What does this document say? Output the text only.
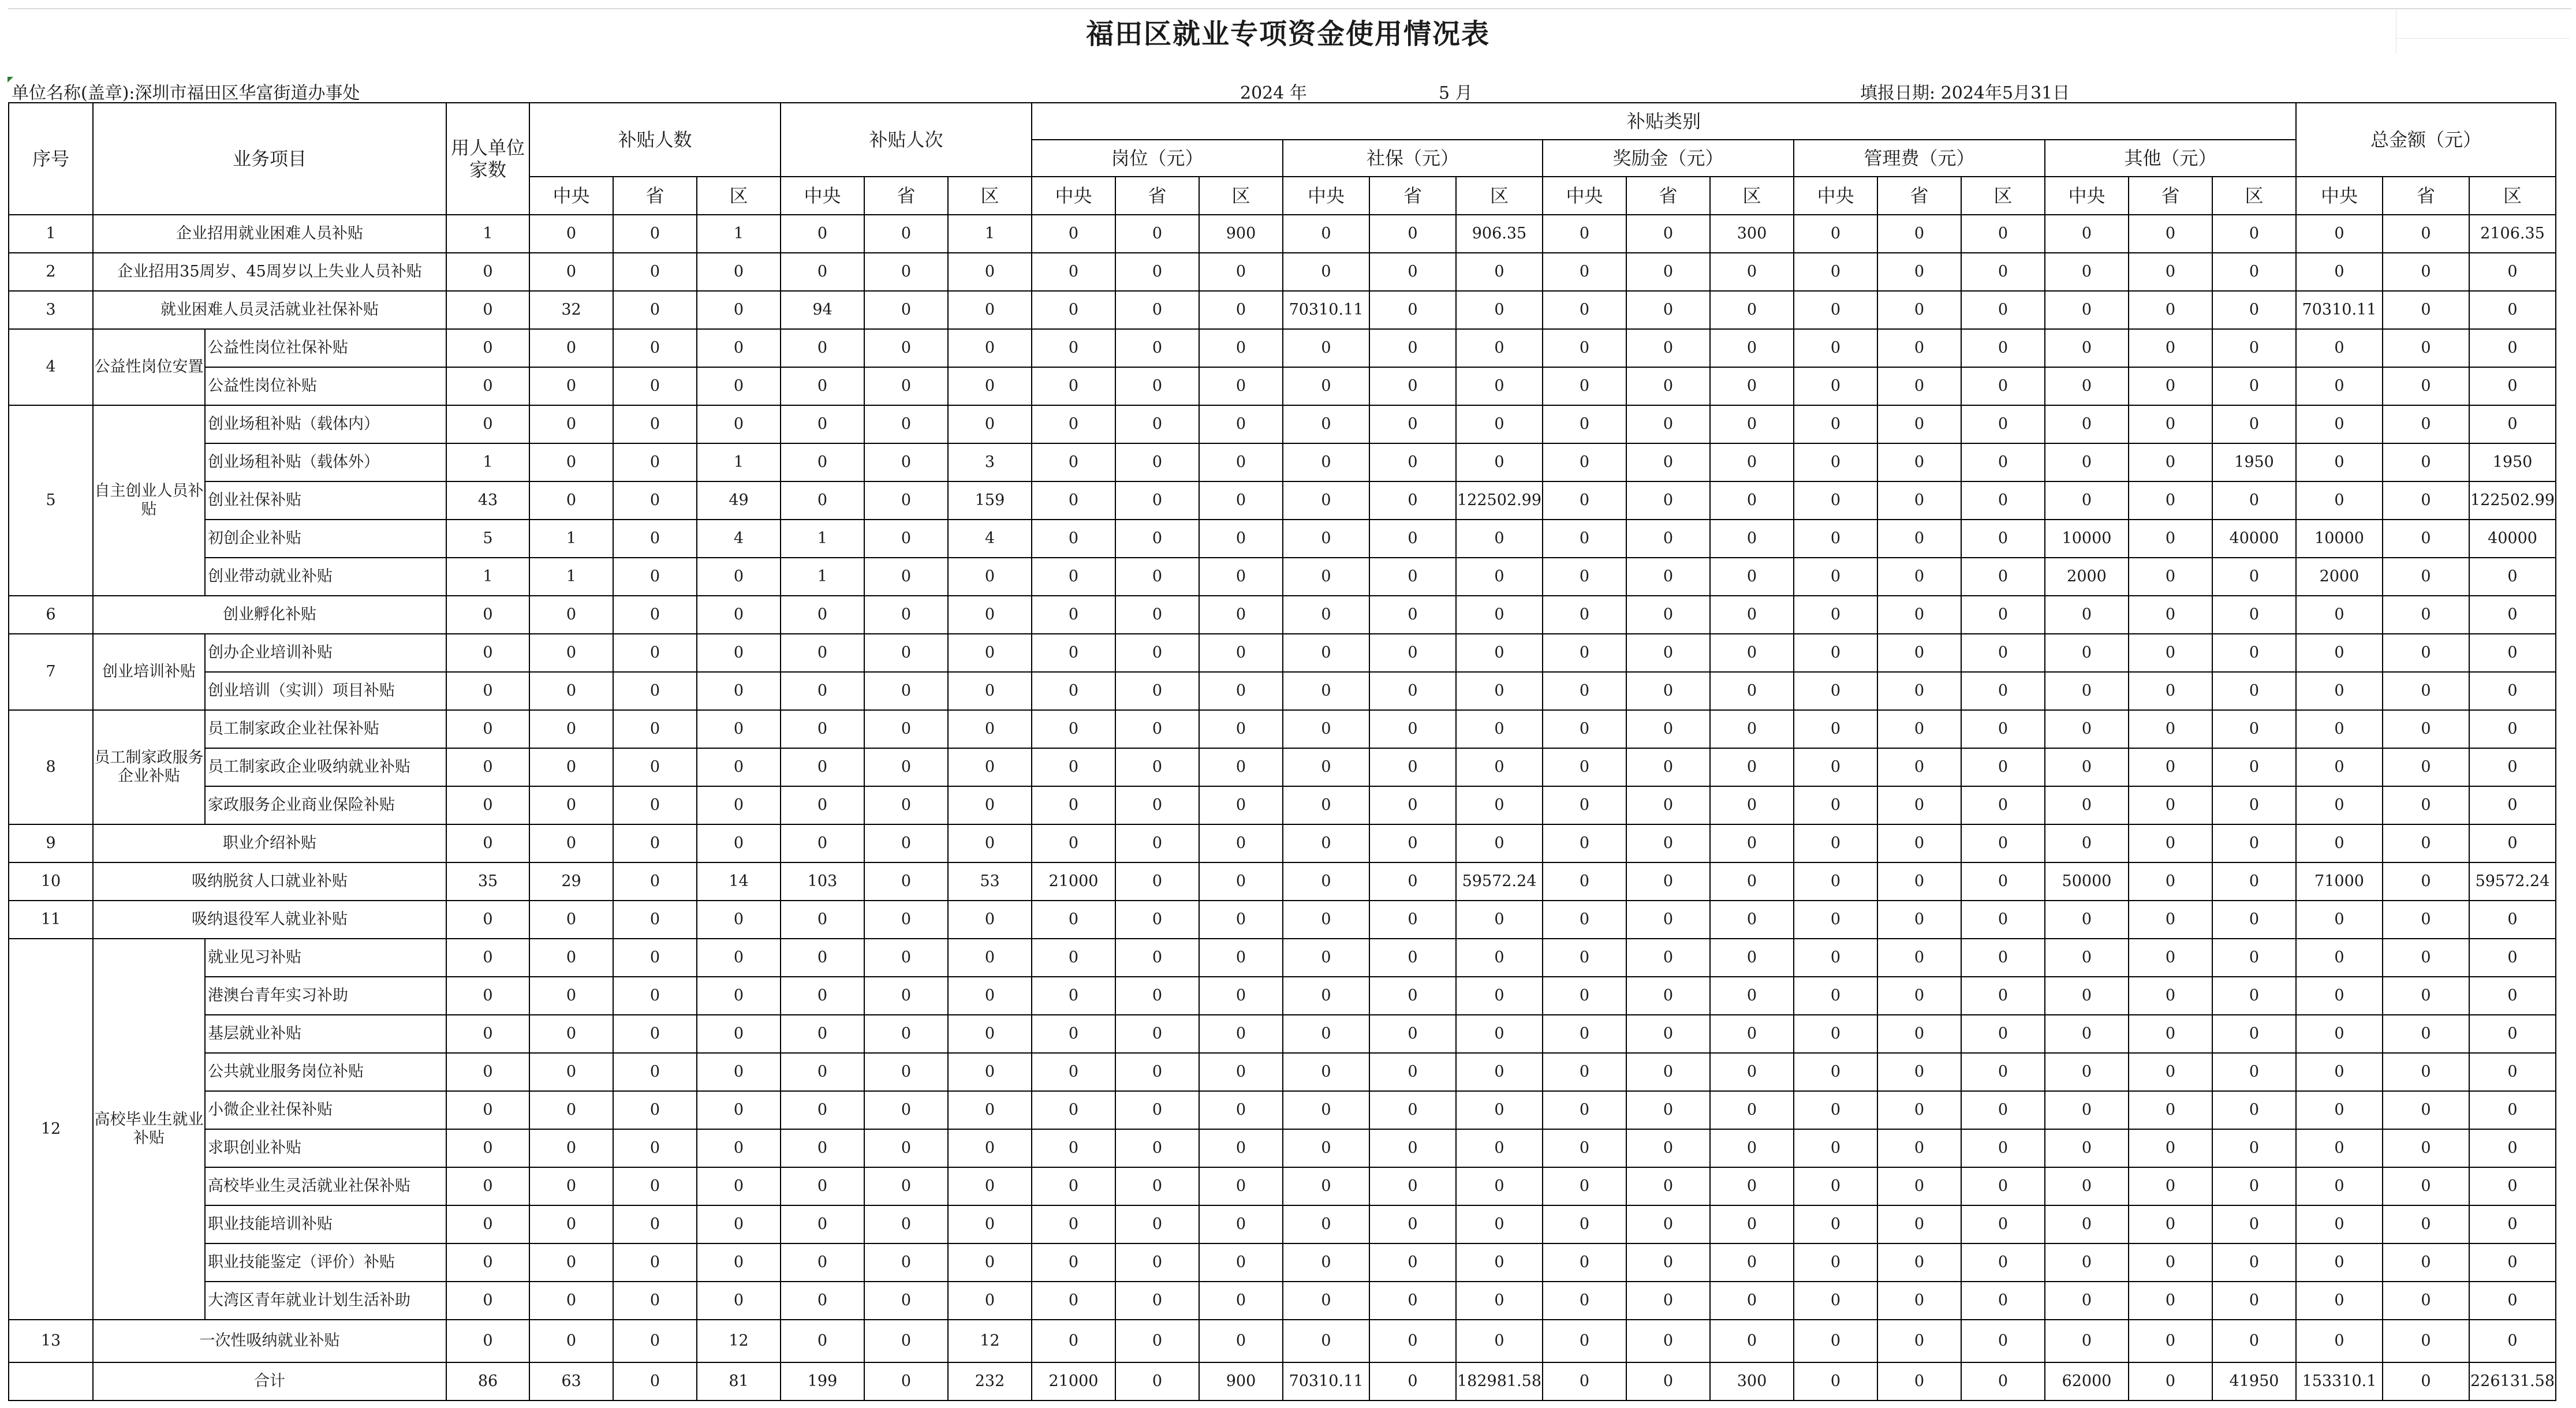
福田区就业专项资金使用情况表
单位名称(盖章):深圳市福田区华富街道办事处	2024 年	5 月	填报日期: 2024年5月31日
序号	业务项目		用人单位家数	补贴人数			补贴人次			补贴类别															总金额（元）		
										岗位（元）			社保（元）			奖励金（元）			管理费（元）			其他（元）					
				中央	省	区	中央	省	区	中央	省	区	中央	省	区	中央	省	区	中央	省	区	中央	省	区	中央	省	区
1	企业招用就业困难人员补贴		1	0	0	1	0	0	1	0	0	900	0	0	906.35	0	0	300	0	0	0	0	0	0	0	0	2106.35
2	企业招用35周岁、45周岁以上失业人员补贴		0	0	0	0	0	0	0	0	0	0	0	0	0	0	0	0	0	0	0	0	0	0	0	0	0
3	就业困难人员灵活就业社保补贴		0	32	0	0	94	0	0	0	0	0	70310.11	0	0	0	0	0	0	0	0	0	0	0	70310.11	0	0
4	公益性岗位安置	公益性岗位社保补贴	0	0	0	0	0	0	0	0	0	0	0	0	0	0	0	0	0	0	0	0	0	0	0	0	0
		公益性岗位补贴	0	0	0	0	0	0	0	0	0	0	0	0	0	0	0	0	0	0	0	0	0	0	0	0	0
5	自主创业人员补贴	创业场租补贴（载体内）	0	0	0	0	0	0	0	0	0	0	0	0	0	0	0	0	0	0	0	0	0	0	0	0	0
		创业场租补贴（载体外）	1	0	0	1	0	0	3	0	0	0	0	0	0	0	0	0	0	0	0	0	0	1950	0	0	1950
		创业社保补贴	43	0	0	49	0	0	159	0	0	0	0	0	122502.99	0	0	0	0	0	0	0	0	0	0	0	122502.99
		初创企业补贴	5	1	0	4	1	0	4	0	0	0	0	0	0	0	0	0	0	0	0	10000	0	40000	10000	0	40000
		创业带动就业补贴	1	1	0	0	1	0	0	0	0	0	0	0	0	0	0	0	0	0	0	2000	0	0	2000	0	0
6	创业孵化补贴		0	0	0	0	0	0	0	0	0	0	0	0	0	0	0	0	0	0	0	0	0	0	0	0	0
7	创业培训补贴	创办企业培训补贴	0	0	0	0	0	0	0	0	0	0	0	0	0	0	0	0	0	0	0	0	0	0	0	0	0
		创业培训（实训）项目补贴	0	0	0	0	0	0	0	0	0	0	0	0	0	0	0	0	0	0	0	0	0	0	0	0	0
8	员工制家政服务企业补贴	员工制家政企业社保补贴	0	0	0	0	0	0	0	0	0	0	0	0	0	0	0	0	0	0	0	0	0	0	0	0	0
		员工制家政企业吸纳就业补贴	0	0	0	0	0	0	0	0	0	0	0	0	0	0	0	0	0	0	0	0	0	0	0	0	0
		家政服务企业商业保险补贴	0	0	0	0	0	0	0	0	0	0	0	0	0	0	0	0	0	0	0	0	0	0	0	0	0
9	职业介绍补贴		0	0	0	0	0	0	0	0	0	0	0	0	0	0	0	0	0	0	0	0	0	0	0	0	0
10	吸纳脱贫人口就业补贴		35	29	0	14	103	0	53	21000	0	0	0	0	59572.24	0	0	0	0	0	0	50000	0	0	71000	0	59572.24
11	吸纳退役军人就业补贴		0	0	0	0	0	0	0	0	0	0	0	0	0	0	0	0	0	0	0	0	0	0	0	0	0
12	高校毕业生就业补贴	就业见习补贴	0	0	0	0	0	0	0	0	0	0	0	0	0	0	0	0	0	0	0	0	0	0	0	0	0
		港澳台青年实习补助	0	0	0	0	0	0	0	0	0	0	0	0	0	0	0	0	0	0	0	0	0	0	0	0	0
		基层就业补贴	0	0	0	0	0	0	0	0	0	0	0	0	0	0	0	0	0	0	0	0	0	0	0	0	0
		公共就业服务岗位补贴	0	0	0	0	0	0	0	0	0	0	0	0	0	0	0	0	0	0	0	0	0	0	0	0	0
		小微企业社保补贴	0	0	0	0	0	0	0	0	0	0	0	0	0	0	0	0	0	0	0	0	0	0	0	0	0
		求职创业补贴	0	0	0	0	0	0	0	0	0	0	0	0	0	0	0	0	0	0	0	0	0	0	0	0	0
		高校毕业生灵活就业社保补贴	0	0	0	0	0	0	0	0	0	0	0	0	0	0	0	0	0	0	0	0	0	0	0	0	0
		职业技能培训补贴	0	0	0	0	0	0	0	0	0	0	0	0	0	0	0	0	0	0	0	0	0	0	0	0	0
		职业技能鉴定（评价）补贴	0	0	0	0	0	0	0	0	0	0	0	0	0	0	0	0	0	0	0	0	0	0	0	0	0
		大湾区青年就业计划生活补助	0	0	0	0	0	0	0	0	0	0	0	0	0	0	0	0	0	0	0	0	0	0	0	0	0
13	一次性吸纳就业补贴		0	0	0	12	0	0	12	0	0	0	0	0	0	0	0	0	0	0	0	0	0	0	0	0	0
	合计		86	63	0	81	199	0	232	21000	0	900	70310.11	0	182981.58	0	0	300	0	0	0	62000	0	41950	153310.1	0	226131.58
